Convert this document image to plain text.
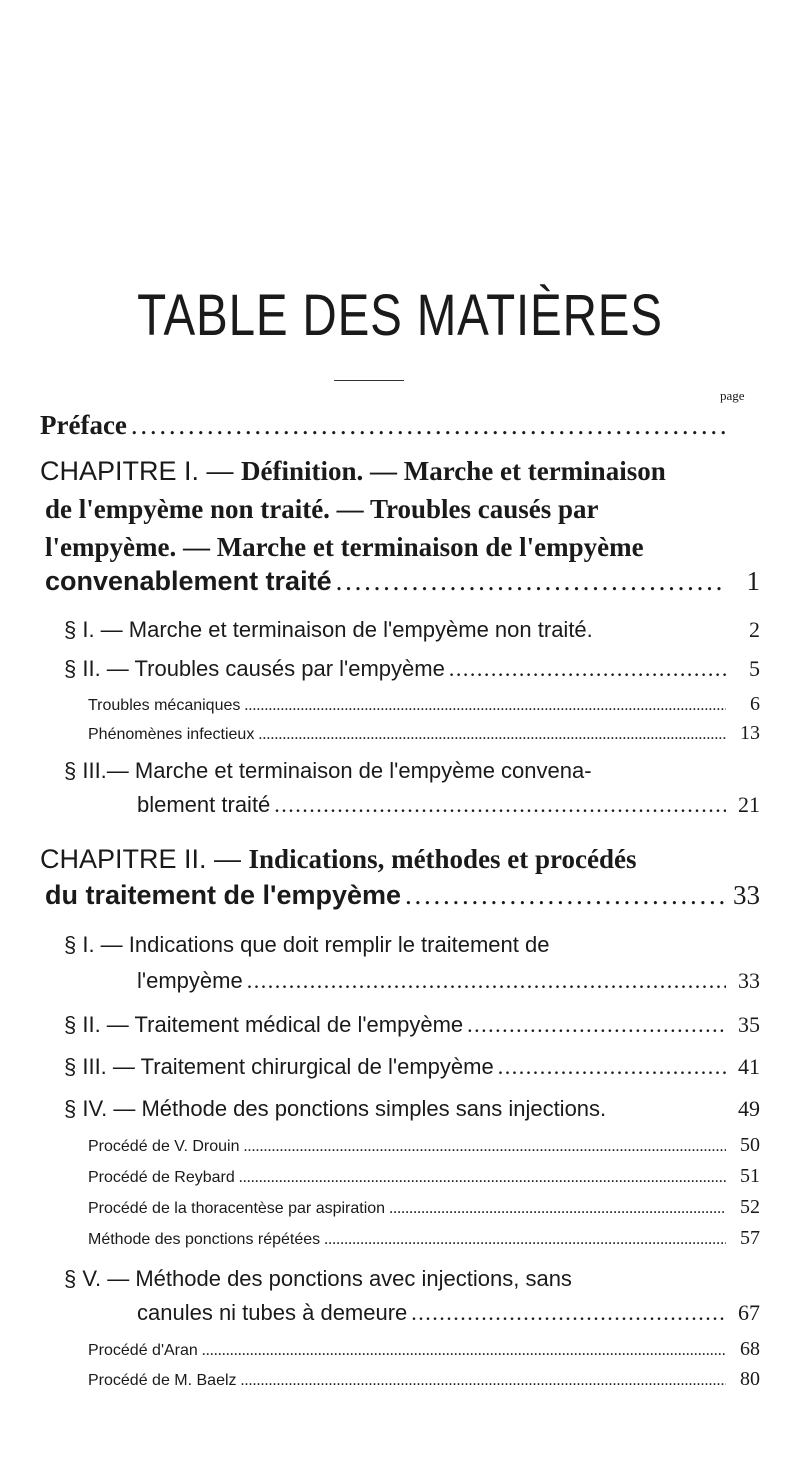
TABLE DES MATIÈRES
page
Préface
. . .
CHAPITRE I. — Définition. — Marche et terminaison
de l'empyème non traité. — Troubles causés par
l'empyème. — Marche et terminaison de l'empyème
convenablement traité . . .	1
§ I. — Marche et terminaison de l'empyème non traité.	2
§ II. — Troubles causés par l'empyème . . .	5
Troubles mécaniques . . .	6
Phénomènes infectieux . . .	13
§ III.— Marche et terminaison de l'empyème convena-
blement traité . . .	21
CHAPITRE II. — Indications, méthodes et procédés
du traitement de l'empyème . . .	33
§ I. — Indications que doit remplir le traitement de
l'empyème . . .	33
§ II. — Traitement médical de l'empyème . . .	35
§ III. — Traitement chirurgical de l'empyème . . .	41
§ IV. — Méthode des ponctions simples sans injections.	49
Procédé de V. Drouin . . .	50
Procédé de Reybard . . .	51
Procédé de la thoracentèse par aspiration . . .	52
Méthode des ponctions répétées . . .	57
§ V. — Méthode des ponctions avec injections, sans
canules ni tubes à demeure . . .	67
Procédé d'Aran . . .	68
Procédé de M. Baelz . . .	80
